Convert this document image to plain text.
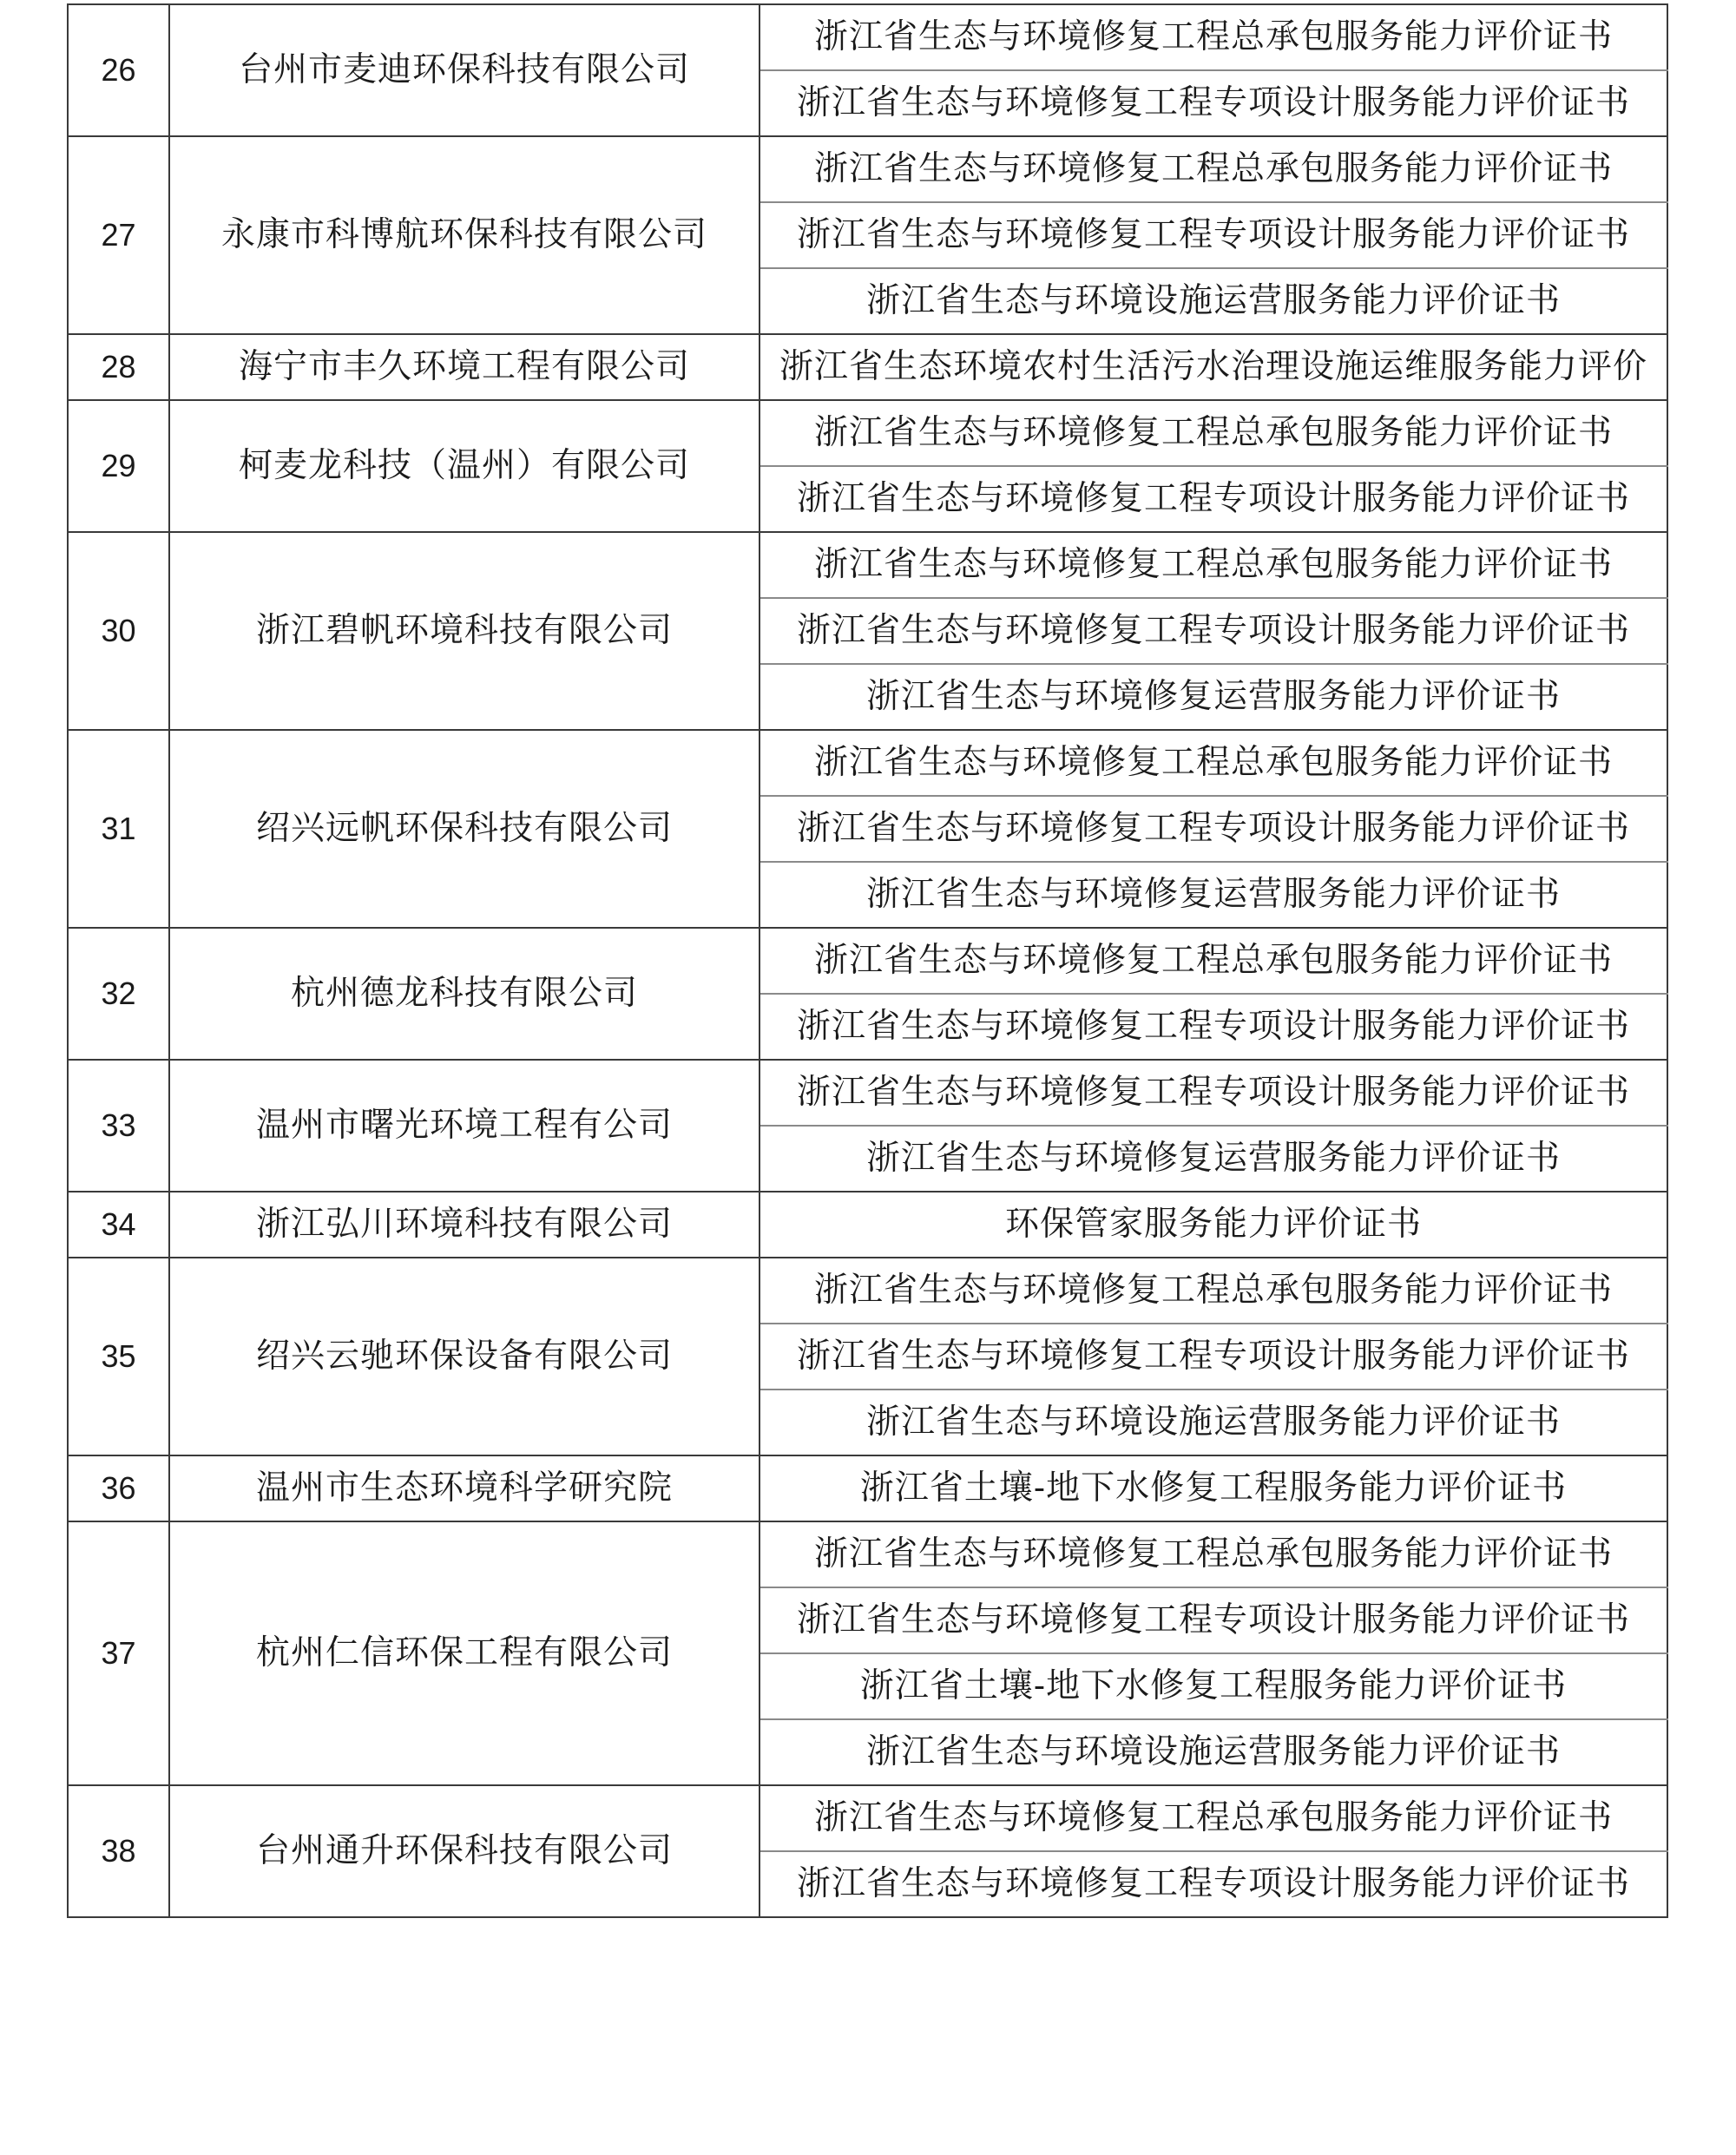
26	台州市麦迪环保科技有限公司	浙江省生态与环境修复工程总承包服务能力评价证书
		浙江省生态与环境修复工程专项设计服务能力评价证书
27	永康市科博航环保科技有限公司	浙江省生态与环境修复工程总承包服务能力评价证书
		浙江省生态与环境修复工程专项设计服务能力评价证书
		浙江省生态与环境设施运营服务能力评价证书
28	海宁市丰久环境工程有限公司	浙江省生态环境农村生活污水治理设施运维服务能力评价
29	柯麦龙科技（温州）有限公司	浙江省生态与环境修复工程总承包服务能力评价证书
		浙江省生态与环境修复工程专项设计服务能力评价证书
30	浙江碧帆环境科技有限公司	浙江省生态与环境修复工程总承包服务能力评价证书
		浙江省生态与环境修复工程专项设计服务能力评价证书
		浙江省生态与环境修复运营服务能力评价证书
31	绍兴远帆环保科技有限公司	浙江省生态与环境修复工程总承包服务能力评价证书
		浙江省生态与环境修复工程专项设计服务能力评价证书
		浙江省生态与环境修复运营服务能力评价证书
32	杭州德龙科技有限公司	浙江省生态与环境修复工程总承包服务能力评价证书
		浙江省生态与环境修复工程专项设计服务能力评价证书
33	温州市曙光环境工程有公司	浙江省生态与环境修复工程专项设计服务能力评价证书
		浙江省生态与环境修复运营服务能力评价证书
34	浙江弘川环境科技有限公司	环保管家服务能力评价证书
35	绍兴云驰环保设备有限公司	浙江省生态与环境修复工程总承包服务能力评价证书
		浙江省生态与环境修复工程专项设计服务能力评价证书
		浙江省生态与环境设施运营服务能力评价证书
36	温州市生态环境科学研究院	浙江省土壤-地下水修复工程服务能力评价证书
37	杭州仁信环保工程有限公司	浙江省生态与环境修复工程总承包服务能力评价证书
		浙江省生态与环境修复工程专项设计服务能力评价证书
		浙江省土壤-地下水修复工程服务能力评价证书
		浙江省生态与环境设施运营服务能力评价证书
38	台州通升环保科技有限公司	浙江省生态与环境修复工程总承包服务能力评价证书
		浙江省生态与环境修复工程专项设计服务能力评价证书
